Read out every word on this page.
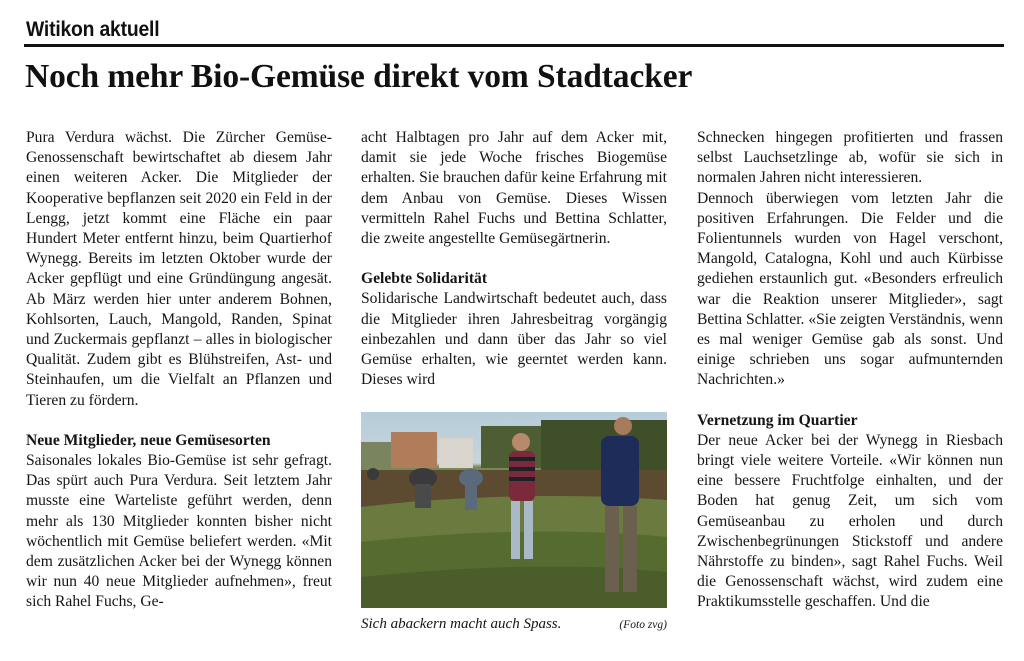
Witikon aktuell
Noch mehr Bio-Gemüse direkt vom Stadtacker

Pura Verdura wächst. Die Zürcher Gemüse-Genossenschaft bewirtschaftet ab diesem Jahr einen weiteren Acker. Die Mitglieder der Kooperative bepflanzen seit 2020 ein Feld in der Lengg, jetzt kommt eine Fläche ein paar Hundert Meter entfernt hinzu, beim Quartierhof Wynegg. Bereits im letzten Oktober wurde der Acker gepflügt und eine Gründüngung angesät. Ab März werden hier unter anderem Bohnen, Kohlsorten, Lauch, Mangold, Randen, Spinat und Zuckermais gepflanzt – alles in biologischer Qualität. Zudem gibt es Blühstreifen, Ast- und Steinhaufen, um die Vielfalt an Pflanzen und Tieren zu fördern.

Neue Mitglieder, neue Gemüsesorten

Saisonales lokales Bio-Gemüse ist sehr gefragt. Das spürt auch Pura Verdura. Seit letztem Jahr musste eine Warteliste geführt werden, denn mehr als 130 Mitglieder konnten bisher nicht wöchentlich mit Gemüse beliefert werden. «Mit dem zusätzlichen Acker bei der Wynegg können wir nun 40 neue Mitglieder aufnehmen», freut sich Rahel Fuchs, Ge-

acht Halbtagen pro Jahr auf dem Acker mit, damit sie jede Woche frisches Biogemüse erhalten. Sie brauchen dafür keine Erfahrung mit dem Anbau von Gemüse. Dieses Wissen vermitteln Rahel Fuchs und Bettina Schlatter, die zweite angestellte Gemüsegärtnerin.

Gelebte Solidarität

Solidarische Landwirtschaft bedeutet auch, dass die Mitglieder ihren Jahresbeitrag vorgängig einbezahlen und dann über das Jahr so viel Gemüse erhalten, wie geerntet werden kann. Dieses wird

Sich abackern macht auch Spass.	(Foto zvg)

Schnecken hingegen profitierten und frassen selbst Lauchsetzlinge ab, wofür sie sich in normalen Jahren nicht interessieren.

Dennoch überwiegen vom letzten Jahr die positiven Erfahrungen. Die Felder und die Folientunnels wurden von Hagel verschont, Mangold, Catalogna, Kohl und auch Kürbisse gediehen erstaunlich gut. «Besonders erfreulich war die Reaktion unserer Mitglieder», sagt Bettina Schlatter. «Sie zeigten Verständnis, wenn es mal weniger Gemüse gab als sonst. Und einige schrieben uns sogar aufmunternden Nachrichten.»

Vernetzung im Quartier

Der neue Acker bei der Wynegg in Riesbach bringt viele weitere Vorteile. «Wir können nun eine bessere Fruchtfolge einhalten, und der Boden hat genug Zeit, um sich vom Gemüseanbau zu erholen und durch Zwischenbegrünungen Stickstoff und andere Nährstoffe zu binden», sagt Rahel Fuchs. Weil die Genossenschaft wächst, wird zudem eine Praktikumsstelle geschaffen. Und die
